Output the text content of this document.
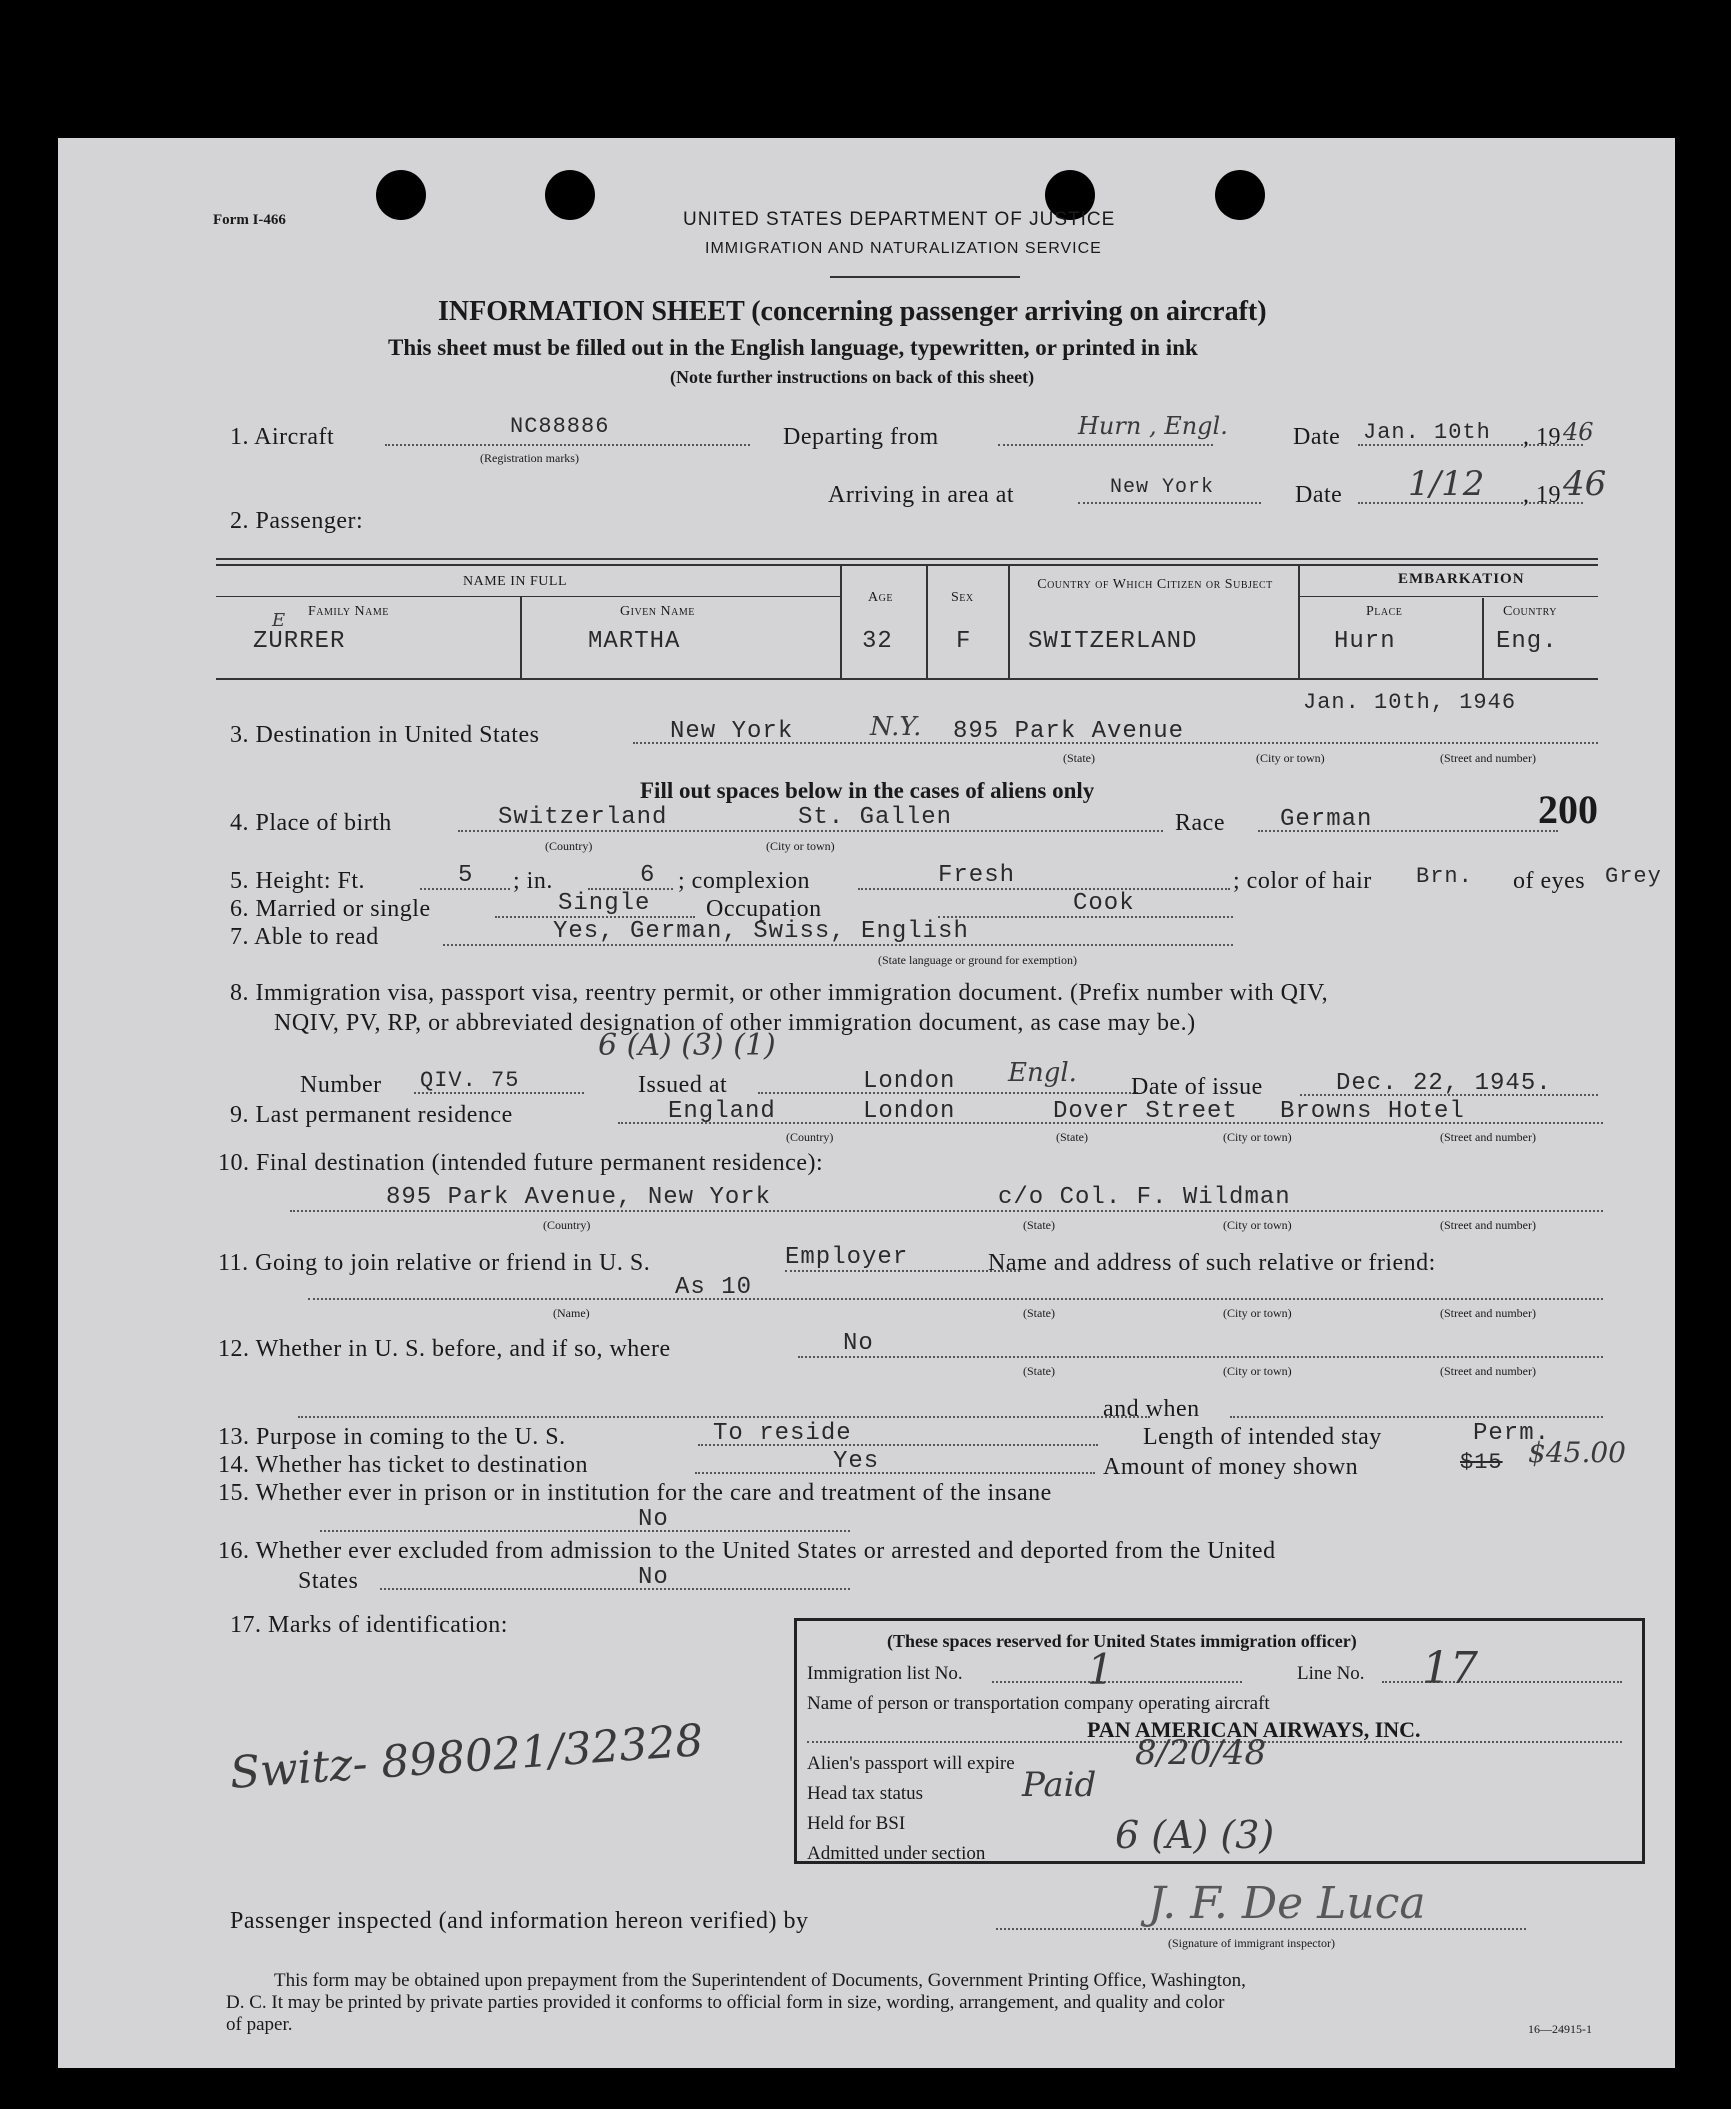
Form I-466	UNITED STATES DEPARTMENT OF JUSTICE
IMMIGRATION AND NATURALIZATION SERVICE
INFORMATION SHEET (concerning passenger arriving on aircraft)
This sheet must be filled out in the English language, typewritten, or printed in ink
(Note further instructions on back of this sheet)
1. Aircraft	NC88886
(Registration marks)
Departing from	Hurn , Engl.	Date Jan. 10th , 19 46
Arriving in area at	New York	Date 1/12 , 19 46
2. Passenger:
NAME IN FULL
Family Name	Given Name
Age	Sex
Country of Which Citizen or Subject	EMBARKATION
Place	Country
E
ZURRER	MARTHA	32	F SWITZERLAND	Hurn	Eng.
Jan. 10th, 1946
3. Destination in United States	New York	N.Y. 895 Park Avenue
(State)	(City or town)	(Street and number)
Fill out spaces below in the cases of aliens only
4. Place of birth	Switzerland	St. Gallen
(Country)	(City or town)
Race German	200
5. Height: Ft.	5 ; in.	6 ; complexion	Fresh	; color of hair Brn. of eyes Grey
6. Married or single	Single Occupation	Cook
7. Able to read	Yes, German, Swiss, English
(State language or ground for exemption)
8. Immigration visa, passport visa, reentry permit, or other immigration document. (Prefix number with QIV,
NQIV, PV, RP, or abbreviated designation of other immigration document, as case may be.)
6 (A) (3) (1)
Number QIV. 75	Issued at	London Engl. Date of issue	Dec. 22, 1945.
9. Last permanent residence	England	London	Dover Street Browns Hotel
(Country)	(State)	(City or town)	(Street and number)
10. Final destination (intended future permanent residence):
895 Park Avenue, New York	c/o Col. F. Wildman
(Country)	(State)	(City or town)	(Street and number)
11. Going to join relative or friend in U. S.	Employer	Name and address of such relative or friend:
As 10
(Name)	(State)	(City or town)	(Street and number)
12. Whether in U. S. before, and if so, where	No
(State)	(City or town)	(Street and number)
and when
13. Purpose in coming to the U. S.	To reside	Length of intended stay	Perm.
14. Whether has ticket to destination	Yes	Amount of money shown	$15 $45.00
15. Whether ever in prison or in institution for the care and treatment of the insane
No
16. Whether ever excluded from admission to the United States or arrested and deported from the United
States	No
17. Marks of identification:
Switz- 898021/32328
(These spaces reserved for United States immigration officer)
Immigration list No.	1	Line No. 17
Name of person or transportation company operating aircraft
PAN AMERICAN AIRWAYS, INC.
Alien's passport will expire	8/20/48
Head tax status	Paid
Held for BSI
Admitted under section	6 (A) (3)
Passenger inspected (and information hereon verified) by	J. F. De Luca
(Signature of immigrant inspector)
This form may be obtained upon prepayment from the Superintendent of Documents, Government Printing Office, Washington,
D. C. It may be printed by private parties provided it conforms to official form in size, wording, arrangement, and quality and color
of paper.	16—24915-1
